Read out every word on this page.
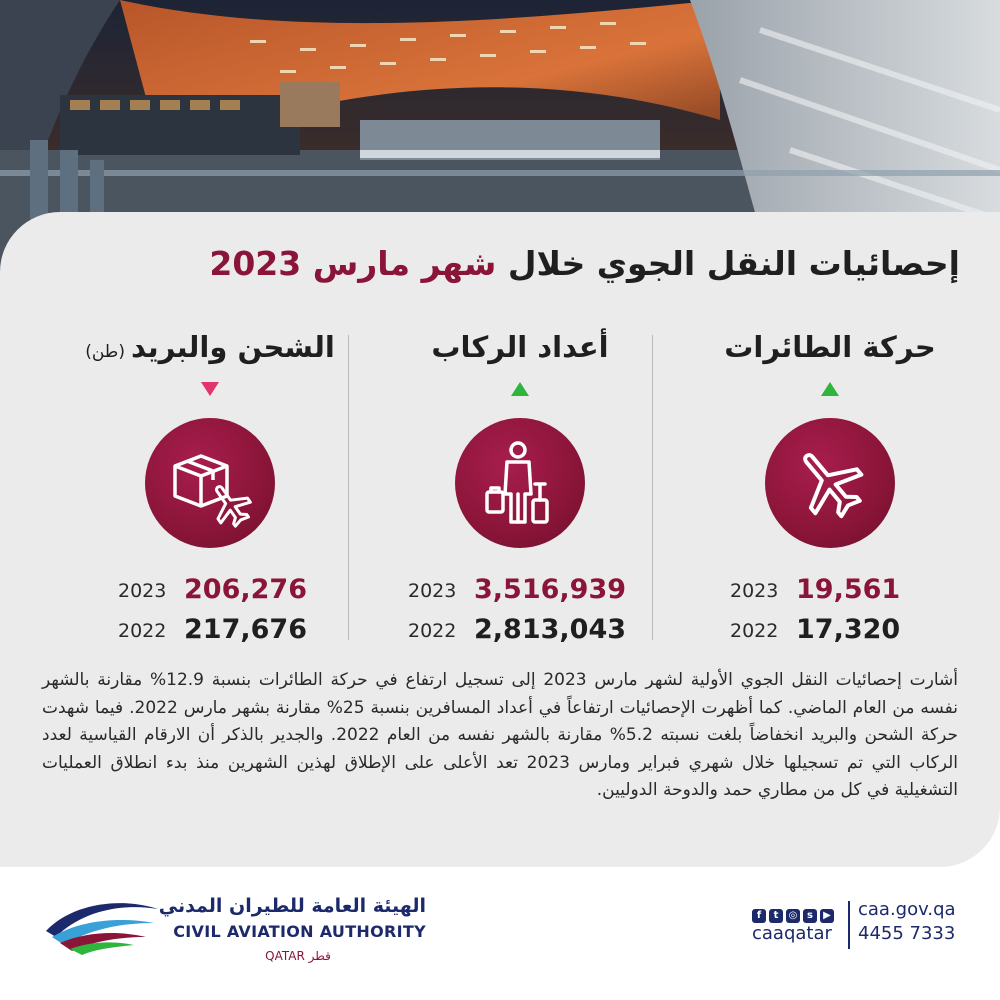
إحصائيات النقل الجوي خلال شهر مارس 2023
حركة الطائرات
2023 19,561
2022 17,320
أعداد الركاب
2023 3,516,939
2022 2,813,043
الشحن والبريد(طن)
2023 206,276
2022 217,676
أشارت إحصائيات النقل الجوي الأولية لشهر مارس 2023 إلى تسجيل ارتفاع في حركة الطائرات بنسبة 12.9% مقارنة بالشهر نفسه من العام الماضي. كما أظهرت الإحصائيات ارتفاعاً في أعداد المسافرين بنسبة 25% مقارنة بشهر مارس 2022. فيما شهدت حركة الشحن والبريد انخفاضاً بلغت نسبته 5.2% مقارنة بالشهر نفسه من العام 2022. والجدير بالذكر أن الارقام القياسية لعدد الركاب التي تم تسجيلها خلال شهري فبراير ومارس 2023 تعد الأعلى على الإطلاق لهذين الشهرين منذ بدء انطلاق العمليات التشغيلية في كل من مطاري حمد والدوحة الدوليين.
الهيئة العامة للطيران المدني
CIVIL AVIATION AUTHORITY
QATAR قطر
f t ◎ s ▶
caaqatar
caa.gov.qa
4455 7333
